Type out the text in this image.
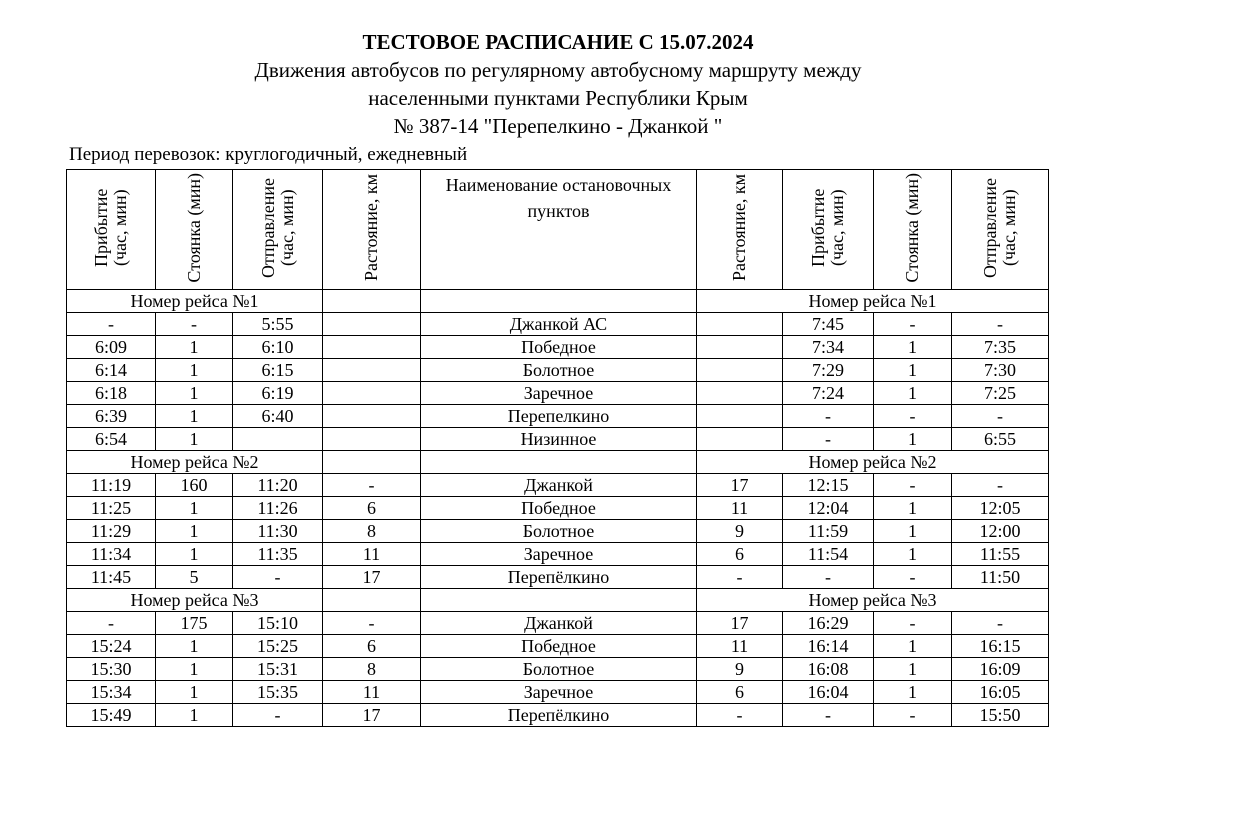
ТЕСТОВОЕ РАСПИСАНИЕ С 15.07.2024
Движения автобусов по регулярному автобусному маршруту между
населенными пунктами Республики Крым
№ 387-14 "Перепелкино - Джанкой "
Период перевозок: круглогодичный, ежедневный
Прибытие (час, мин)	Стоянка (мин)	Отправление (час, мин)	Растояние, км	Наименование остановочных пунктов	Растояние, км	Прибытие (час, мин)	Стоянка (мин)	Отправление (час, мин)
Номер рейса №1					Номер рейса №1			
-	-	5:55		Джанкой АС		7:45	-	-
6:09	1	6:10		Победное		7:34	1	7:35
6:14	1	6:15		Болотное		7:29	1	7:30
6:18	1	6:19		Заречное		7:24	1	7:25
6:39	1	6:40		Перепелкино		-	-	-
6:54	1			Низинное		-	1	6:55
Номер рейса №2					Номер рейса №2			
11:19	160	11:20	-	Джанкой	17	12:15	-	-
11:25	1	11:26	6	Победное	11	12:04	1	12:05
11:29	1	11:30	8	Болотное	9	11:59	1	12:00
11:34	1	11:35	11	Заречное	6	11:54	1	11:55
11:45	5	-	17	Перепёлкино	-	-	-	11:50
Номер рейса №3					Номер рейса №3			
-	175	15:10	-	Джанкой	17	16:29	-	-
15:24	1	15:25	6	Победное	11	16:14	1	16:15
15:30	1	15:31	8	Болотное	9	16:08	1	16:09
15:34	1	15:35	11	Заречное	6	16:04	1	16:05
15:49	1	-	17	Перепёлкино	-	-	-	15:50
